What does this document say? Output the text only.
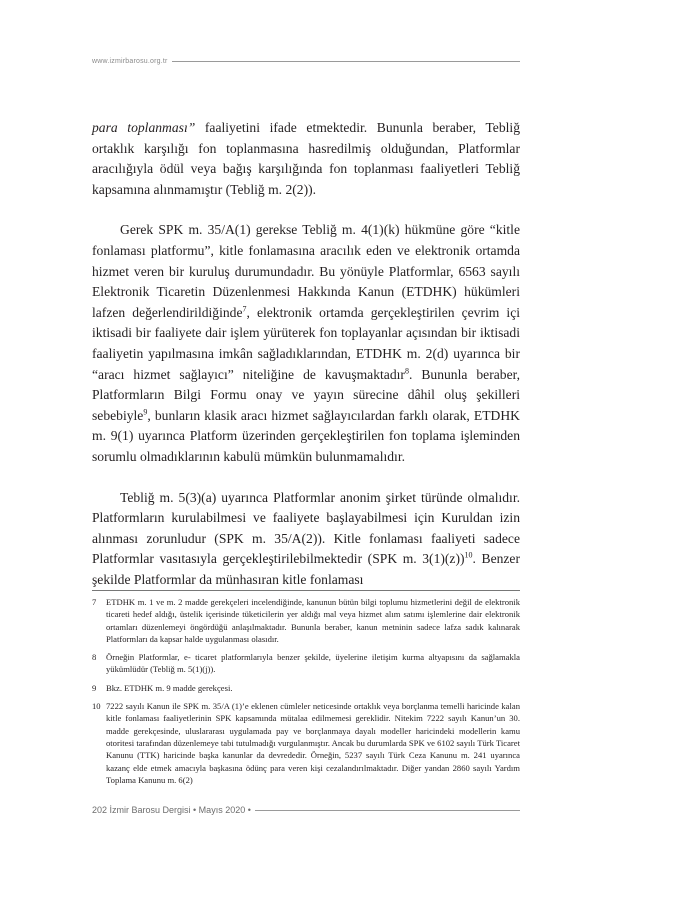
www.izmirbarosu.org.tr

para toplanması” faaliyetini ifade etmektedir. Bununla beraber, Tebliğ ortaklık karşılığı fon toplanmasına hasredilmiş olduğundan, Platformlar aracılığıyla ödül veya bağış karşılığında fon toplanması faaliyetleri Tebliğ kapsamına alınmamıştır (Tebliğ m. 2(2)).

Gerek SPK m. 35/A(1) gerekse Tebliğ m. 4(1)(k) hükmüne göre “kitle fonlaması platformu”, kitle fonlamasına aracılık eden ve elektronik ortamda hizmet veren bir kuruluş durumundadır. Bu yönüyle Platformlar, 6563 sayılı Elektronik Ticaretin Düzenlenmesi Hakkında Kanun (ETDHK) hükümleri lafzen değerlendirildiğinde$^7$, elektronik ortamda gerçekleştirilen çevrim içi iktisadi bir faaliyete dair işlem yürüterek fon toplayanlar açısından bir iktisadi faaliyetin yapılmasına imkân sağladıklarından, ETDHK m. 2(d) uyarınca bir “aracı hizmet sağlayıcı” niteliğine de kavuşmaktadır$^8$. Bununla beraber, Platformların Bilgi Formu onay ve yayın sürecine dâhil oluş şekilleri sebebiyle$^9$, bunların klasik aracı hizmet sağlayıcılardan farklı olarak, ETDHK m. 9(1) uyarınca Platform üzerinden gerçekleştirilen fon toplama işleminden sorumlu olmadıklarının kabulü mümkün bulunmamalıdır.

Tebliğ m. 5(3)(a) uyarınca Platformlar anonim şirket türünde olmalıdır. Platformların kurulabilmesi ve faaliyete başlayabilmesi için Kuruldan izin alınması zorunludur (SPK m. 35/A(2)). Kitle fonlaması faaliyeti sadece Platformlar vasıtasıyla gerçekleştirilebilmektedir (SPK m. 3(1)(z))$^{10}$. Benzer şekilde Platformlar da münhasıran kitle fonlaması

7	ETDHK m. 1 ve m. 2 madde gerekçeleri incelendiğinde, kanunun bütün bilgi toplumu hizmetlerini değil de elektronik ticareti hedef aldığı, üstelik içerisinde tüketicilerin yer aldığı mal veya hizmet alım satımı işlemlerine dair elektronik ortamları düzenlemeyi öngördüğü anlaşılmaktadır. Bununla beraber, kanun metninin sadece lafza sadık kalınarak Platformları da kapsar halde uygulanması olasıdır.
8	Örneğin Platformlar, e- ticaret platformlarıyla benzer şekilde, üyelerine iletişim kurma altyapısını da sağlamakla yükümlüdür (Tebliğ m. 5(1)(j)).
9	Bkz. ETDHK m. 9 madde gerekçesi.
10 7222 sayılı Kanun ile SPK m. 35/A (1)’e eklenen cümleler neticesinde ortaklık veya borçlanma temelli haricinde kalan kitle fonlaması faaliyetlerinin SPK kapsamında mütalaa edilmemesi gereklidir. Nitekim 7222 sayılı Kanun’un 30. madde gerekçesinde, uluslararası uygulamada pay ve borçlanmaya dayalı modeller haricindeki modellerin kamu otoritesi tarafından düzenlemeye tabi tutulmadığı vurgulanmıştır. Ancak bu durumlarda SPK ve 6102 sayılı Türk Ticaret Kanunu (TTK) haricinde başka kanunlar da devrededir. Örneğin, 5237 sayılı Türk Ceza Kanunu m. 241 uyarınca kazanç elde etmek amacıyla başkasına ödünç para veren kişi cezalandırılmaktadır. Diğer yandan 2860 sayılı Yardım Toplama Kanunu m. 6(2)
202 İzmir Barosu Dergisi • Mayıs 2020 •
